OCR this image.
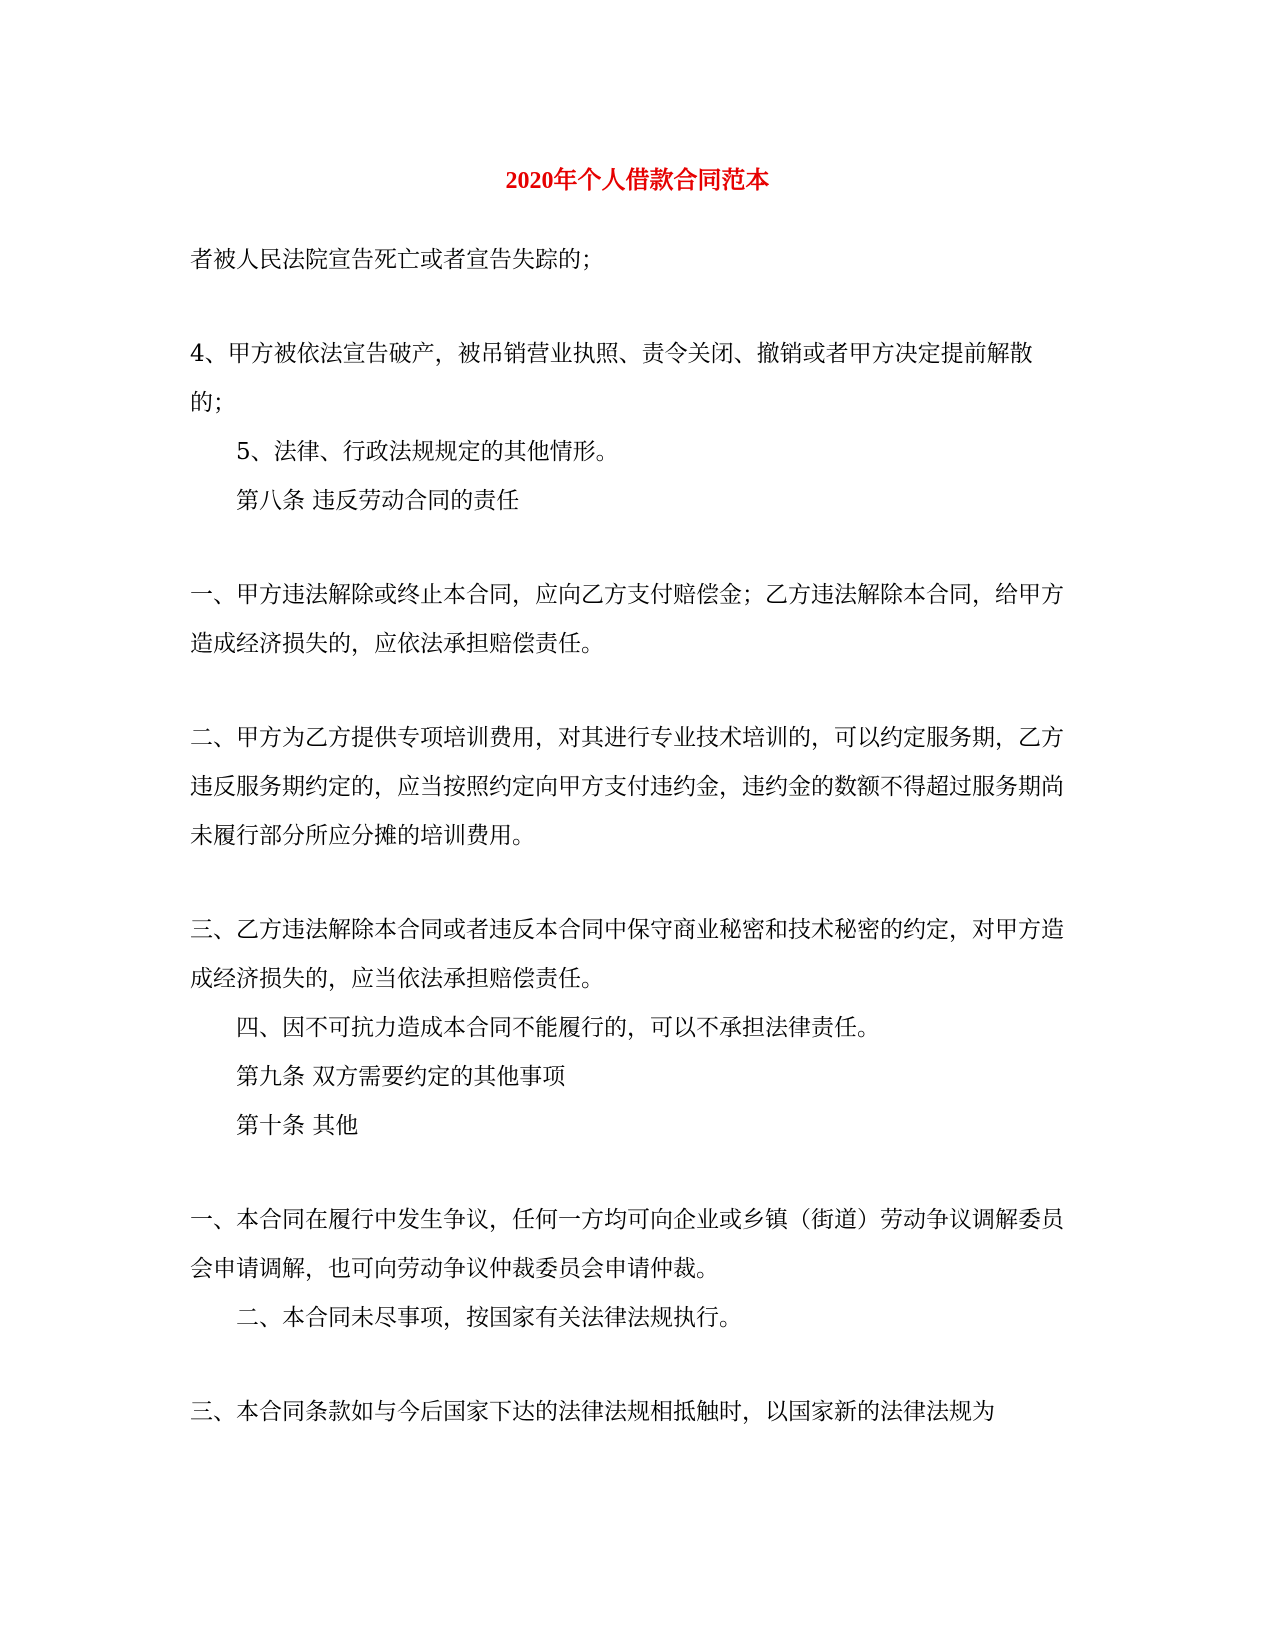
2020年个人借款合同范本

者被人民法院宣告死亡或者宣告失踪的；

4、甲方被依法宣告破产，被吊销营业执照、责令关闭、撤销或者甲方决定提前解散的；

5、法律、行政法规规定的其他情形。

第八条 违反劳动合同的责任

一、甲方违法解除或终止本合同，应向乙方支付赔偿金；乙方违法解除本合同，给甲方造成经济损失的，应依法承担赔偿责任。

二、甲方为乙方提供专项培训费用，对其进行专业技术培训的，可以约定服务期，乙方违反服务期约定的，应当按照约定向甲方支付违约金，违约金的数额不得超过服务期尚未履行部分所应分摊的培训费用。

三、乙方违法解除本合同或者违反本合同中保守商业秘密和技术秘密的约定，对甲方造成经济损失的，应当依法承担赔偿责任。

四、因不可抗力造成本合同不能履行的，可以不承担法律责任。

第九条 双方需要约定的其他事项

第十条 其他

一、本合同在履行中发生争议，任何一方均可向企业或乡镇（街道）劳动争议调解委员会申请调解，也可向劳动争议仲裁委员会申请仲裁。

二、本合同未尽事项，按国家有关法律法规执行。

三、本合同条款如与今后国家下达的法律法规相抵触时，以国家新的法律法规为
